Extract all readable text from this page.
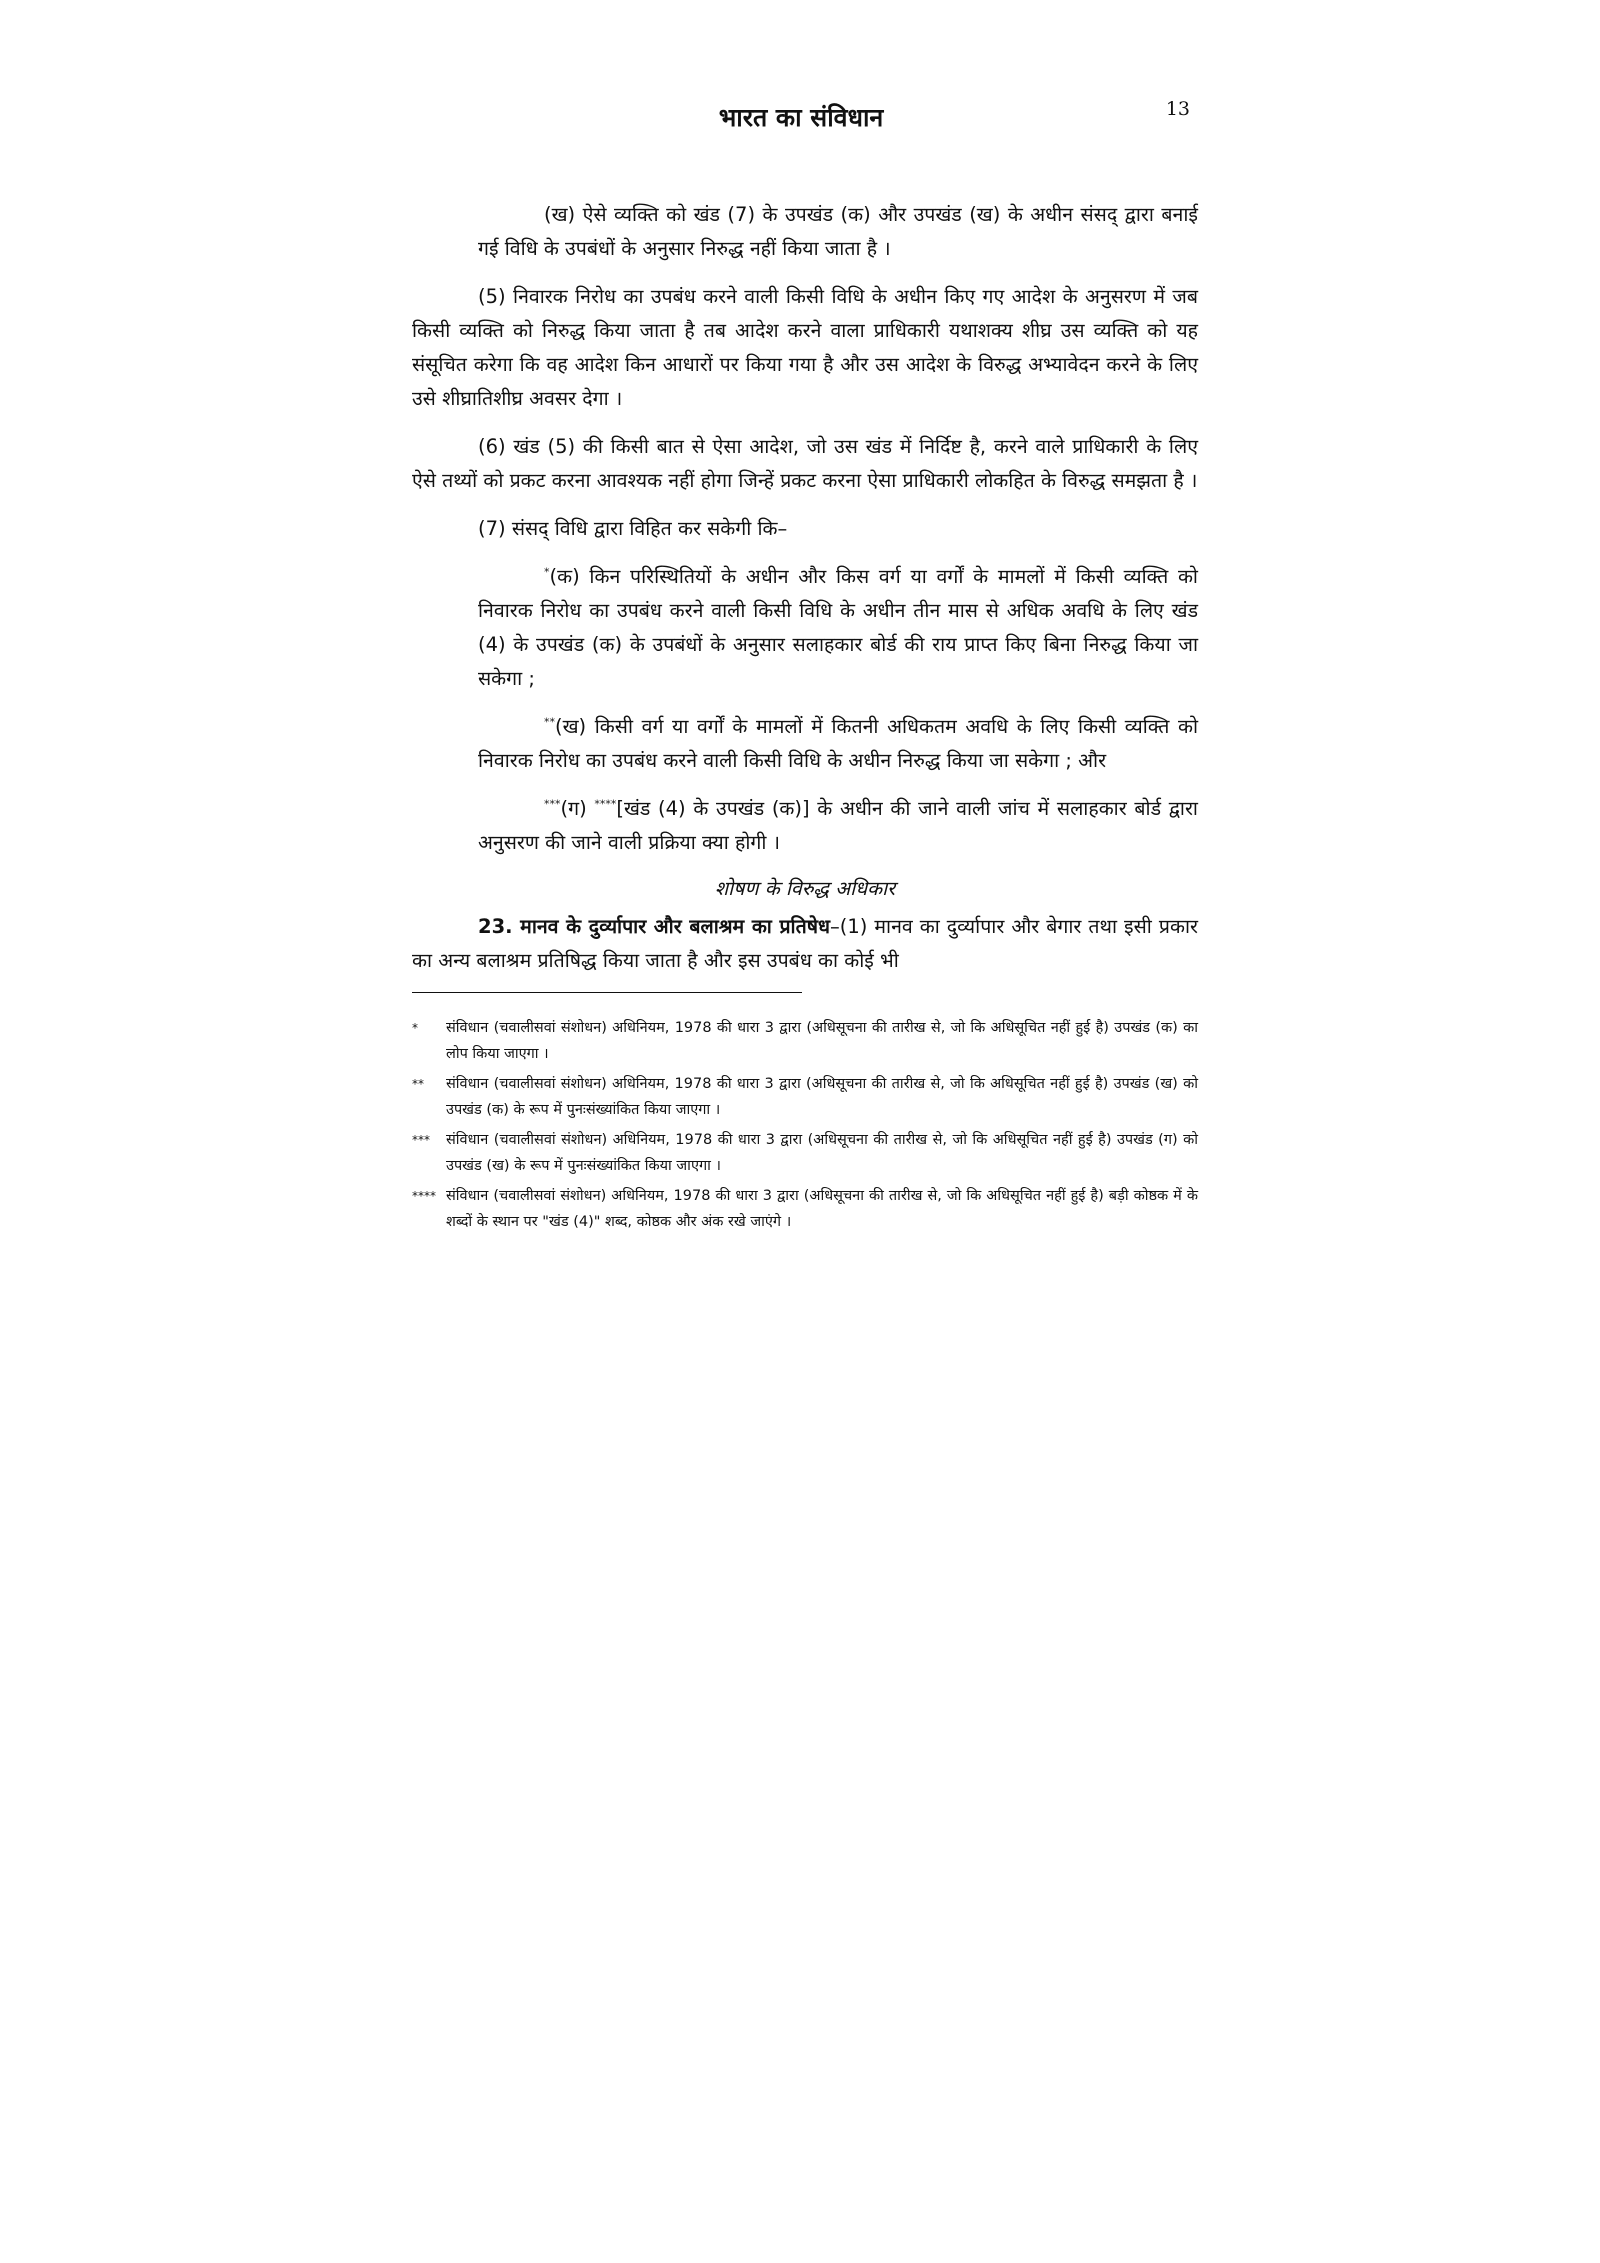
भारत का संविधान	13

(ख) ऐसे व्यक्ति को खंड (7) के उपखंड (क) और उपखंड (ख) के अधीन संसद् द्वारा बनाई गई विधि के उपबंधों के अनुसार निरुद्ध नहीं किया जाता है ।

(5) निवारक निरोध का उपबंध करने वाली किसी विधि के अधीन किए गए आदेश के अनुसरण में जब किसी व्यक्ति को निरुद्ध किया जाता है तब आदेश करने वाला प्राधिकारी यथाशक्य शीघ्र उस व्यक्ति को यह संसूचित करेगा कि वह आदेश किन आधारों पर किया गया है और उस आदेश के विरुद्ध अभ्यावेदन करने के लिए उसे शीघ्रातिशीघ्र अवसर देगा ।

(6) खंड (5) की किसी बात से ऐसा आदेश, जो उस खंड में निर्दिष्ट है, करने वाले प्राधिकारी के लिए ऐसे तथ्यों को प्रकट करना आवश्यक नहीं होगा जिन्हें प्रकट करना ऐसा प्राधिकारी लोकहित के विरुद्ध समझता है ।

(7) संसद् विधि द्वारा विहित कर सकेगी कि–

*(क) किन परिस्थितियों के अधीन और किस वर्ग या वर्गों के मामलों में किसी व्यक्ति को निवारक निरोध का उपबंध करने वाली किसी विधि के अधीन तीन मास से अधिक अवधि के लिए खंड (4) के उपखंड (क) के उपबंधों के अनुसार सलाहकार बोर्ड की राय प्राप्त किए बिना निरुद्ध किया जा सकेगा ;

**(ख) किसी वर्ग या वर्गों के मामलों में कितनी अधिकतम अवधि के लिए किसी व्यक्ति को निवारक निरोध का उपबंध करने वाली किसी विधि के अधीन निरुद्ध किया जा सकेगा ; और

***(ग) ****[खंड (4) के उपखंड (क)] के अधीन की जाने वाली जांच में सलाहकार बोर्ड द्वारा अनुसरण की जाने वाली प्रक्रिया क्या होगी ।

शोषण के विरुद्ध अधिकार

23. मानव के दुर्व्यापार और बलाश्रम का प्रतिषेध–(1) मानव का दुर्व्यापार और बेगार तथा इसी प्रकार का अन्य बलाश्रम प्रतिषिद्ध किया जाता है और इस उपबंध का कोई भी

* संविधान (चवालीसवां संशोधन) अधिनियम, 1978 की धारा 3 द्वारा (अधिसूचना की तारीख से, जो कि अधिसूचित नहीं हुई है) उपखंड (क) का लोप किया जाएगा ।

** संविधान (चवालीसवां संशोधन) अधिनियम, 1978 की धारा 3 द्वारा (अधिसूचना की तारीख से, जो कि अधिसूचित नहीं हुई है) उपखंड (ख) को उपखंड (क) के रूप में पुनःसंख्यांकित किया जाएगा ।

*** संविधान (चवालीसवां संशोधन) अधिनियम, 1978 की धारा 3 द्वारा (अधिसूचना की तारीख से, जो कि अधिसूचित नहीं हुई है) उपखंड (ग) को उपखंड (ख) के रूप में पुनःसंख्यांकित किया जाएगा ।

**** संविधान (चवालीसवां संशोधन) अधिनियम, 1978 की धारा 3 द्वारा (अधिसूचना की तारीख से, जो कि अधिसूचित नहीं हुई है) बड़ी कोष्ठक में के शब्दों के स्थान पर "खंड (4)" शब्द, कोष्ठक और अंक रखे जाएंगे ।
